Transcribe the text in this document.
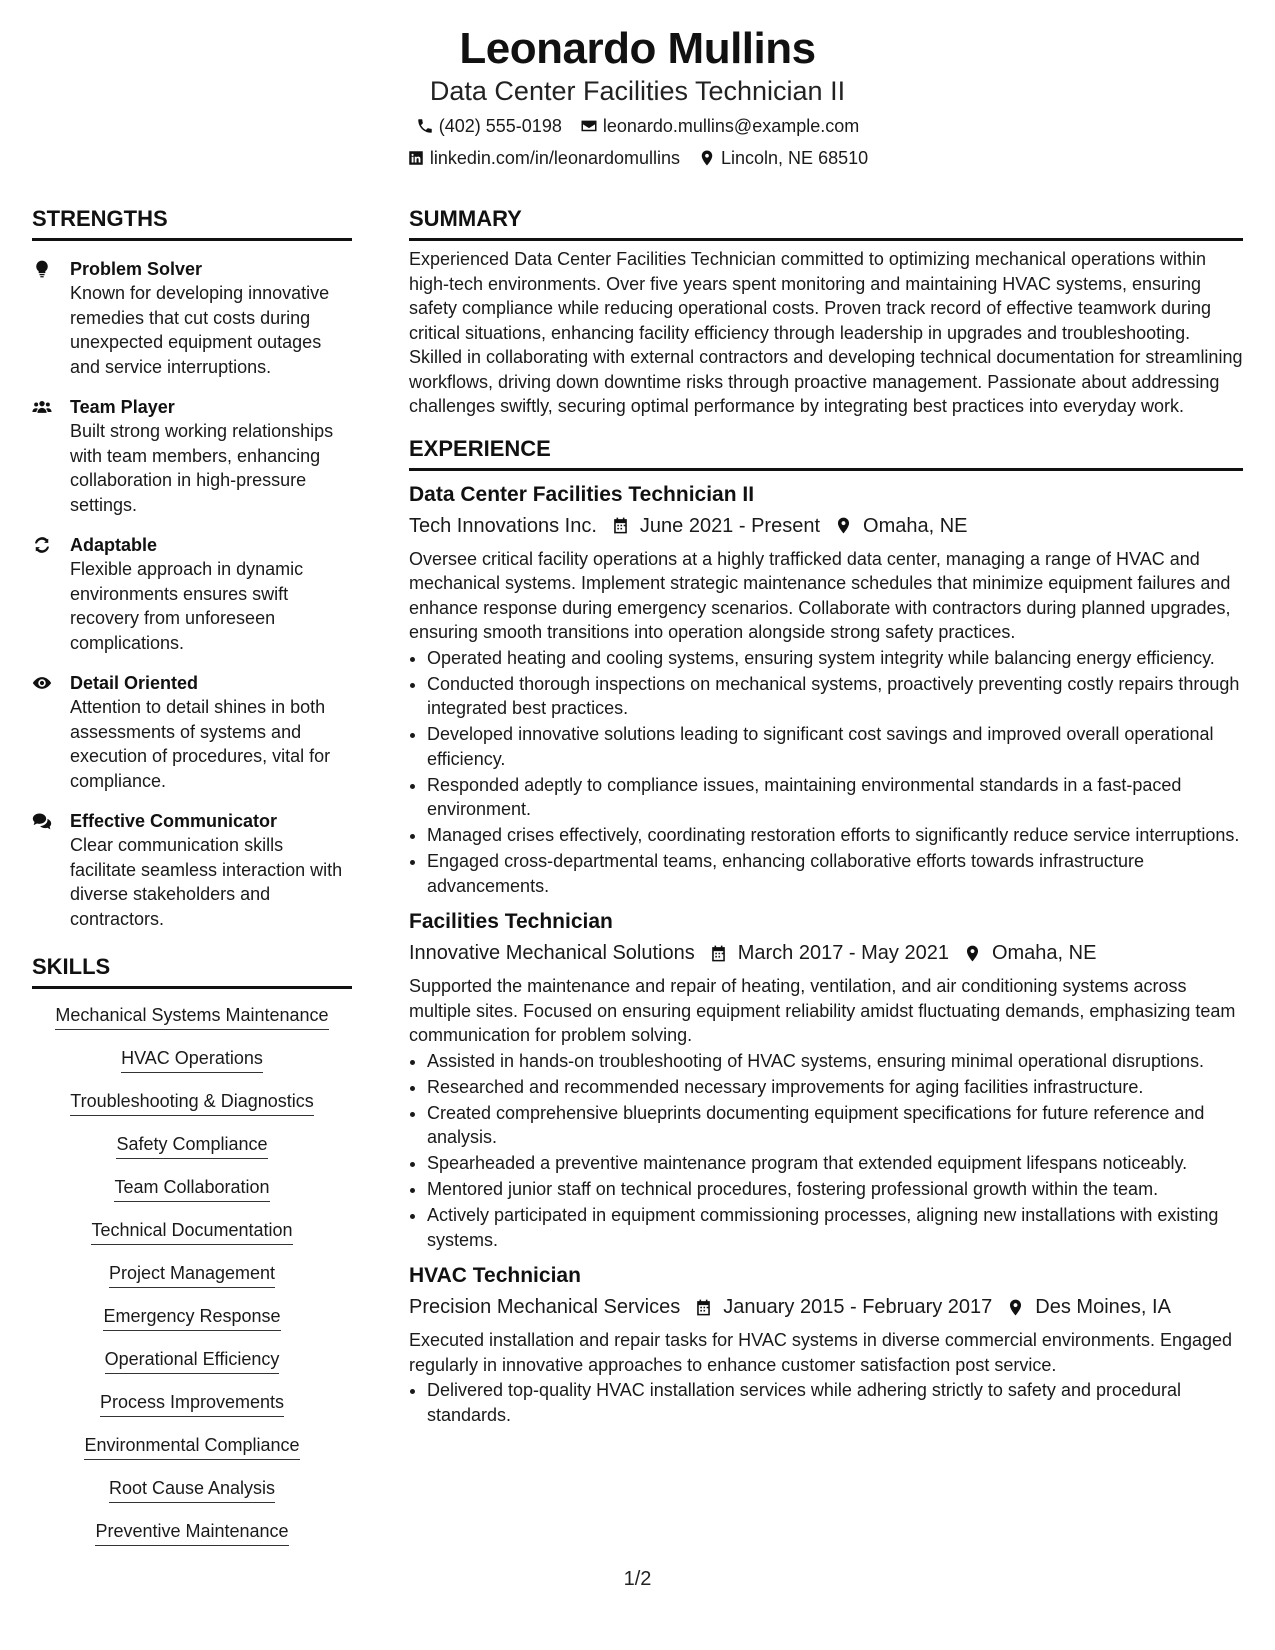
Leonardo Mullins
Data Center Facilities Technician II
(402) 555-0198 leonardo.mullins@example.com
linkedin.com/in/leonardomullins Lincoln, NE 68510
STRENGTHS
Problem Solver
Known for developing innovative remedies that cut costs during unexpected equipment outages and service interruptions.
Team Player
Built strong working relationships with team members, enhancing collaboration in high-pressure settings.
Adaptable
Flexible approach in dynamic environments ensures swift recovery from unforeseen complications.
Detail Oriented
Attention to detail shines in both assessments of systems and execution of procedures, vital for compliance.
Effective Communicator
Clear communication skills facilitate seamless interaction with diverse stakeholders and contractors.
SKILLS
Mechanical Systems Maintenance
HVAC Operations
Troubleshooting & Diagnostics
Safety Compliance
Team Collaboration
Technical Documentation
Project Management
Emergency Response
Operational Efficiency
Process Improvements
Environmental Compliance
Root Cause Analysis
Preventive Maintenance
SUMMARY
Experienced Data Center Facilities Technician committed to optimizing mechanical operations within high-tech environments. Over five years spent monitoring and maintaining HVAC systems, ensuring safety compliance while reducing operational costs. Proven track record of effective teamwork during critical situations, enhancing facility efficiency through leadership in upgrades and troubleshooting. Skilled in collaborating with external contractors and developing technical documentation for streamlining workflows, driving down downtime risks through proactive management. Passionate about addressing challenges swiftly, securing optimal performance by integrating best practices into everyday work.
EXPERIENCE
Data Center Facilities Technician II
Tech Innovations Inc. June 2021 - Present Omaha, NE
Oversee critical facility operations at a highly trafficked data center, managing a range of HVAC and mechanical systems. Implement strategic maintenance schedules that minimize equipment failures and enhance response during emergency scenarios. Collaborate with contractors during planned upgrades, ensuring smooth transitions into operation alongside strong safety practices.
• Operated heating and cooling systems, ensuring system integrity while balancing energy efficiency.
• Conducted thorough inspections on mechanical systems, proactively preventing costly repairs through integrated best practices.
• Developed innovative solutions leading to significant cost savings and improved overall operational efficiency.
• Responded adeptly to compliance issues, maintaining environmental standards in a fast-paced environment.
• Managed crises effectively, coordinating restoration efforts to significantly reduce service interruptions.
• Engaged cross-departmental teams, enhancing collaborative efforts towards infrastructure advancements.
Facilities Technician
Innovative Mechanical Solutions March 2017 - May 2021 Omaha, NE
Supported the maintenance and repair of heating, ventilation, and air conditioning systems across multiple sites. Focused on ensuring equipment reliability amidst fluctuating demands, emphasizing team communication for problem solving.
• Assisted in hands-on troubleshooting of HVAC systems, ensuring minimal operational disruptions.
• Researched and recommended necessary improvements for aging facilities infrastructure.
• Created comprehensive blueprints documenting equipment specifications for future reference and analysis.
• Spearheaded a preventive maintenance program that extended equipment lifespans noticeably.
• Mentored junior staff on technical procedures, fostering professional growth within the team.
• Actively participated in equipment commissioning processes, aligning new installations with existing systems.
HVAC Technician
Precision Mechanical Services January 2015 - February 2017 Des Moines, IA
Executed installation and repair tasks for HVAC systems in diverse commercial environments. Engaged regularly in innovative approaches to enhance customer satisfaction post service.
• Delivered top-quality HVAC installation services while adhering strictly to safety and procedural standards.
1/2
